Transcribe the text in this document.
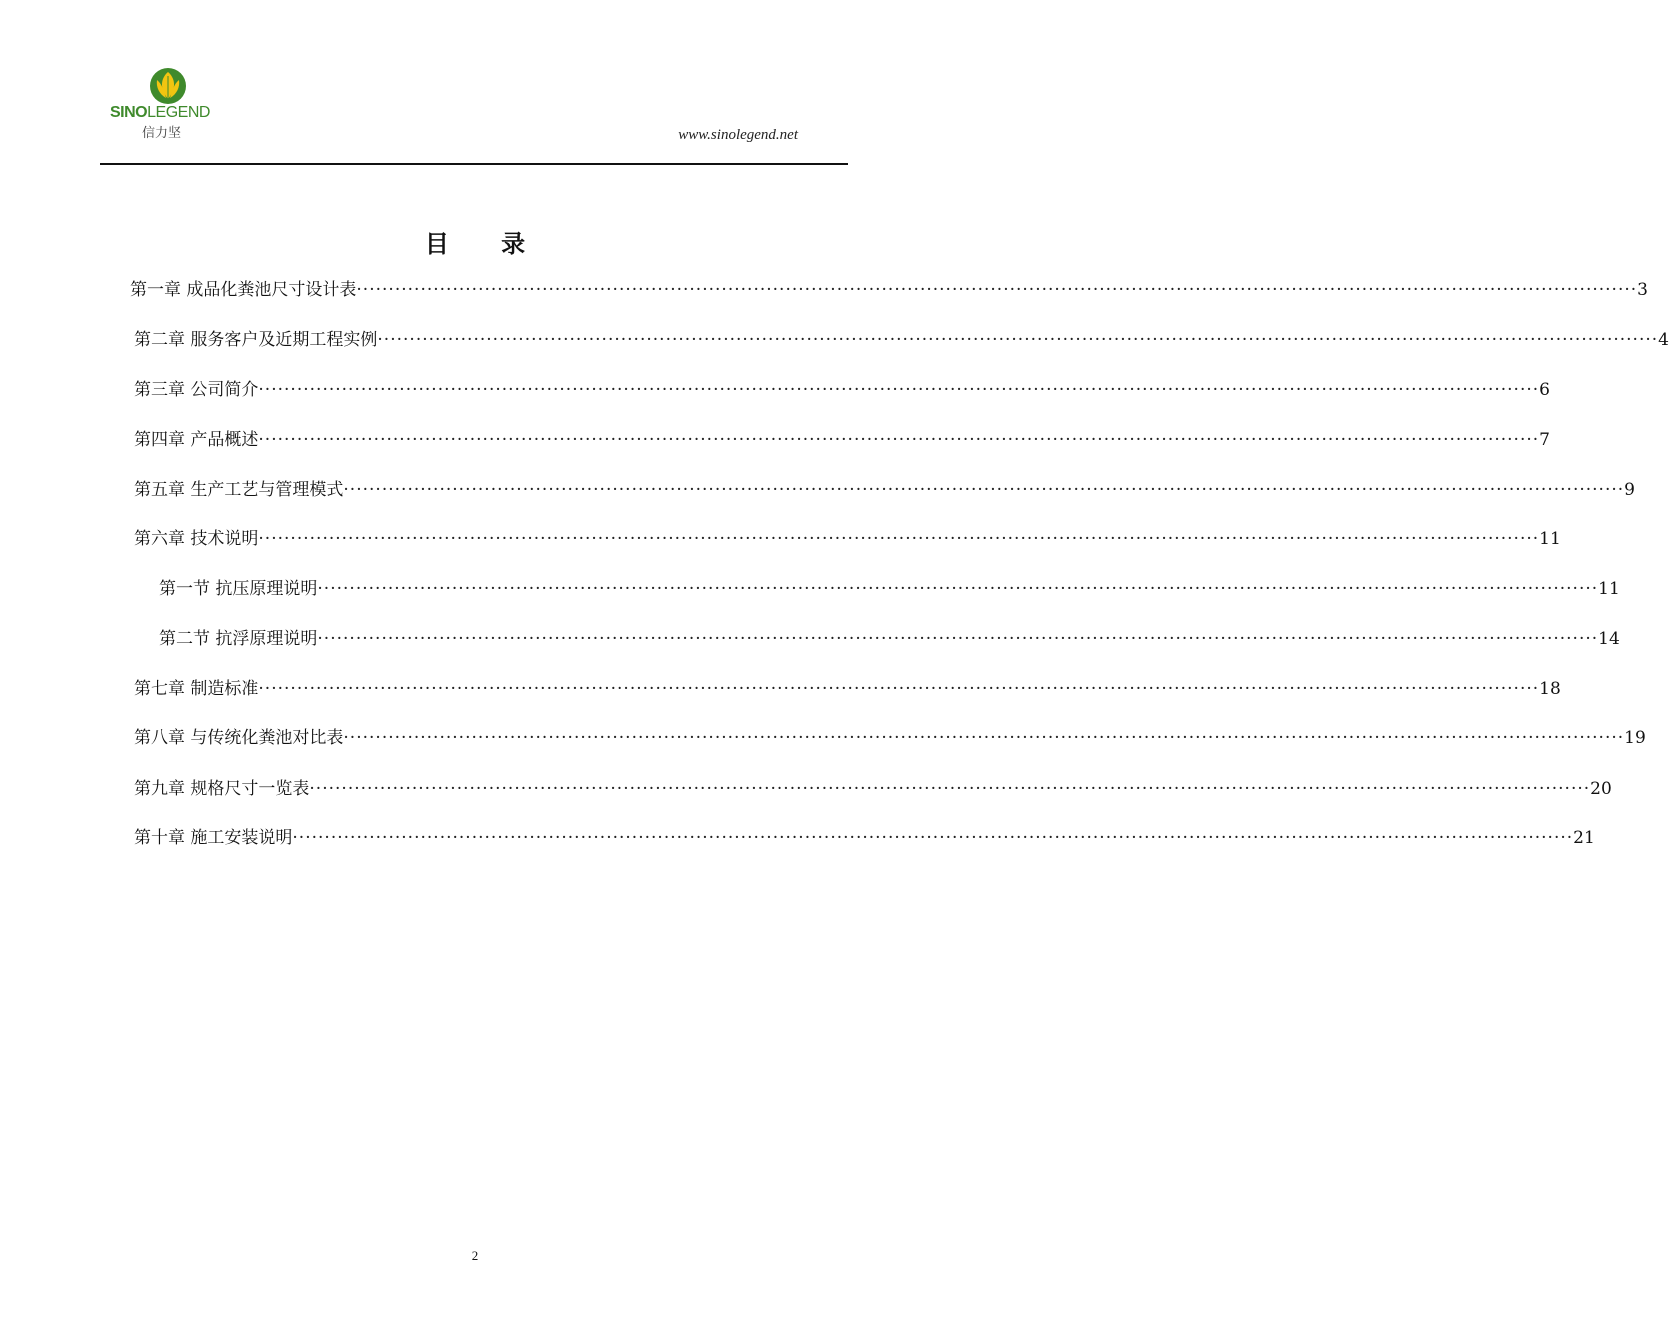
SINOLEGEND
信力坚	www.sinolegend.net
目 录
第一章 成品化粪池尺寸设计表 ········································································································································································································ 3
第二章 服务客户及近期工程实例 ········································································································································································································ 4
第三章 公司简介 ········································································································································································································ 6
第四章 产品概述 ········································································································································································································ 7
第五章 生产工艺与管理模式 ········································································································································································································ 9
第六章 技术说明 ········································································································································································································ 11
第一节 抗压原理说明 ········································································································································································································ 11
第二节 抗浮原理说明 ········································································································································································································ 14
第七章 制造标准 ········································································································································································································ 18
第八章 与传统化粪池对比表 ········································································································································································································ 19
第九章 规格尺寸一览表 ········································································································································································································ 20
第十章 施工安装说明 ········································································································································································································ 21
2
